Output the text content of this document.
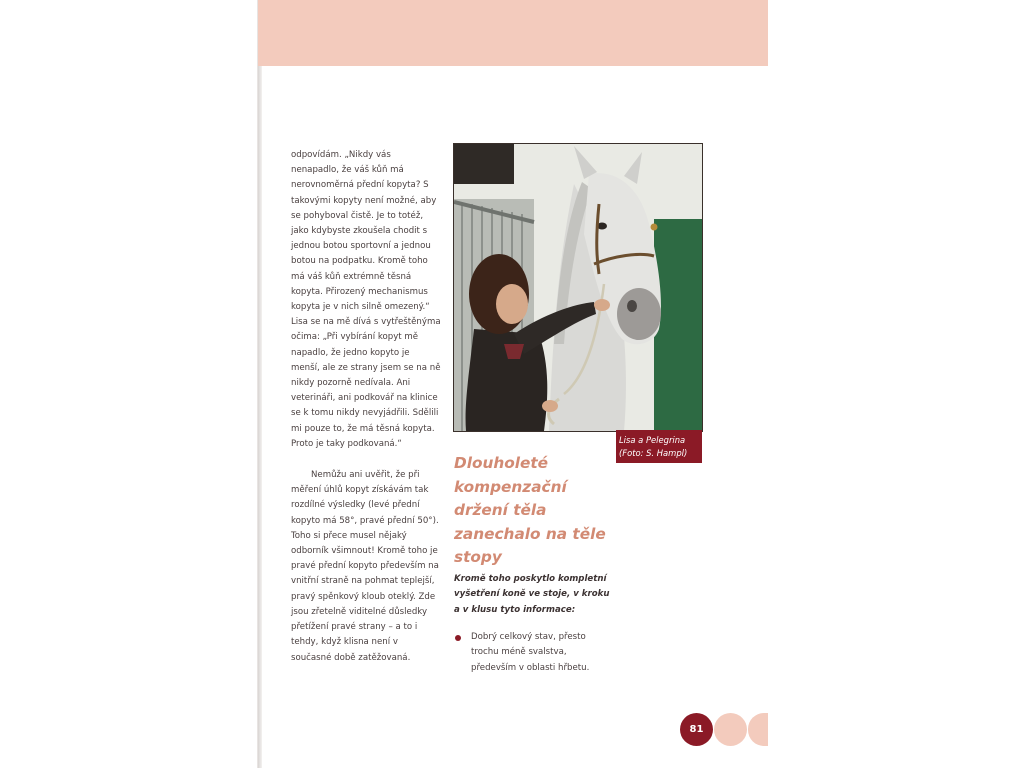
odpovídám. „Nikdy vás nenapadlo, že váš kůň má nerovnoměrná přední kopyta? S takovými kopyty není možné, aby se pohyboval čistě. Je to totéž, jako kdybyste zkoušela chodit s jednou botou sportovní a jednou botou na podpatku. Kromě toho má váš kůň extrémně těsná kopyta. Přirozený mechanismus kopyta je v nich silně omezený.“ Lisa se na mě dívá s vytřeštěnýma očima: „Při vybírání kopyt mě napadlo, že jedno kopyto je menší, ale ze strany jsem se na ně nikdy pozorně nedívala. Ani veterináři, ani podkovář na klinice se k tomu nikdy nevyjádřili. Sdělili mi pouze to, že má těsná kopyta. Proto je taky podkovaná.“

Nemůžu ani uvěřit, že při měření úhlů kopyt získávám tak rozdílné výsledky (levé přední kopyto má 58°, pravé přední 50°). Toho si přece musel nějaký odborník všimnout! Kromě toho je pravé přední kopyto především na vnitřní straně na pohmat teplejší, pravý spěnkový kloub oteklý. Zde jsou zřetelně viditelné důsledky přetížení pravé strany – a to i tehdy, když klisna není v současné době zatěžovaná.

Lisa a Pelegrina
(Foto: S. Hampl)
Dlouholeté
kompenzační
držení těla
zanechalo na těle
stopy
Kromě toho poskytlo kompletní
vyšetření koně ve stoje, v kroku
a v klusu tyto informace:
Dobrý celkový stav, přesto
trochu méně svalstva,
především v oblasti hřbetu.
81
